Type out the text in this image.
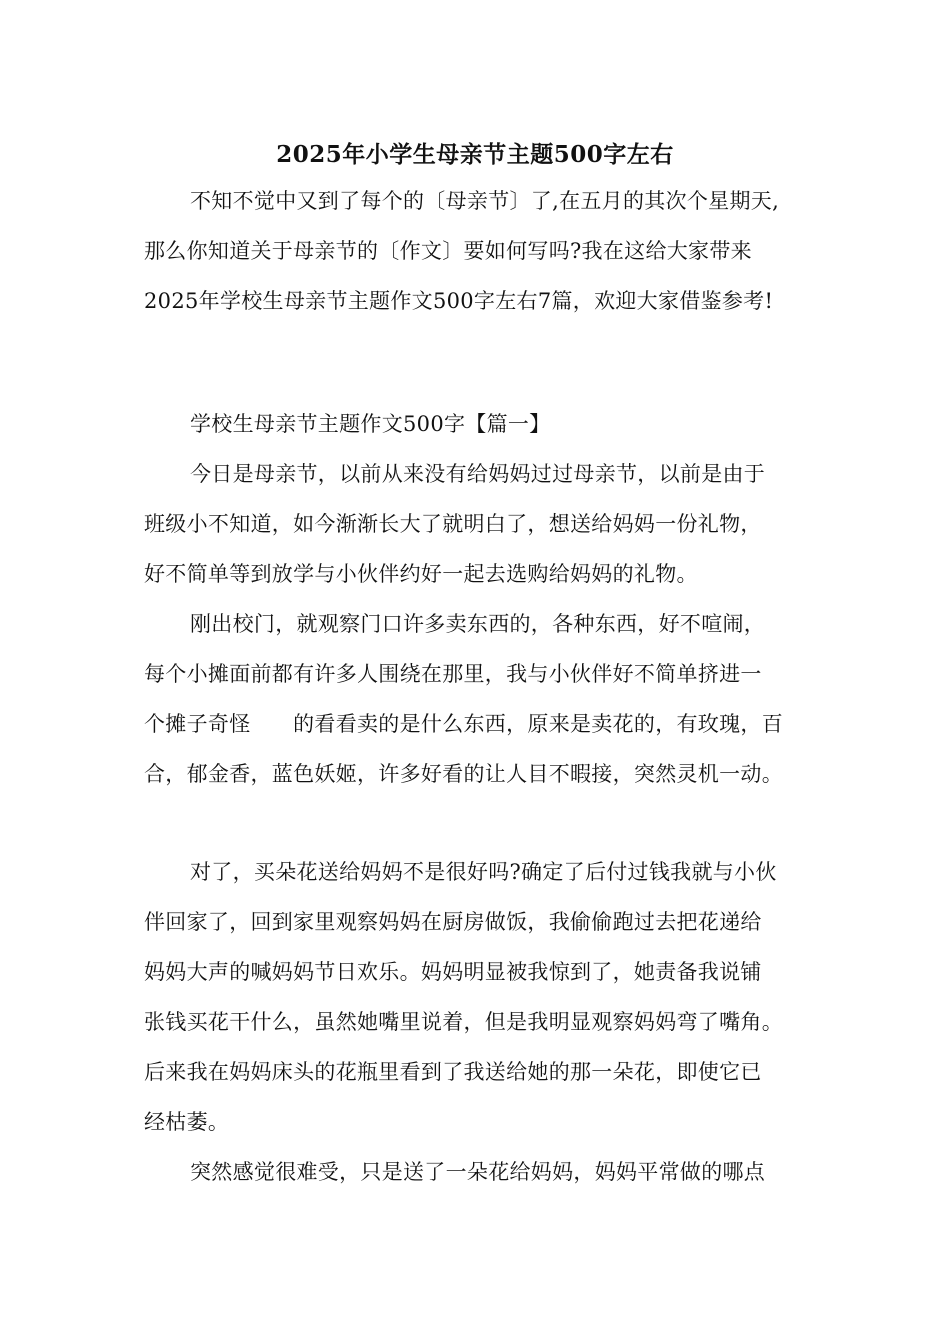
2025年小学生母亲节主题500字左右
不知不觉中又到了每个的〔母亲节〕了,在五月的其次个星期天,
那么你知道关于母亲节的〔作文〕要如何写吗?我在这给大家带来
2025年学校生母亲节主题作文500字左右7篇，欢迎大家借鉴参考!
学校生母亲节主题作文500字【篇一】
今日是母亲节，以前从来没有给妈妈过过母亲节，以前是由于
班级小不知道，如今渐渐长大了就明白了，想送给妈妈一份礼物，
好不简单等到放学与小伙伴约好一起去选购给妈妈的礼物。
刚出校门，就观察门口许多卖东西的，各种东西，好不喧闹，
每个小摊面前都有许多人围绕在那里，我与小伙伴好不简单挤进一
个摊子奇怪　　的看看卖的是什么东西，原来是卖花的，有玫瑰，百
合，郁金香，蓝色妖姬，许多好看的让人目不暇接，突然灵机一动。
对了，买朵花送给妈妈不是很好吗?确定了后付过钱我就与小伙
伴回家了，回到家里观察妈妈在厨房做饭，我偷偷跑过去把花递给
妈妈大声的喊妈妈节日欢乐。妈妈明显被我惊到了，她责备我说铺
张钱买花干什么，虽然她嘴里说着，但是我明显观察妈妈弯了嘴角。
后来我在妈妈床头的花瓶里看到了我送给她的那一朵花，即使它已
经枯萎。
突然感觉很难受，只是送了一朵花给妈妈，妈妈平常做的哪点
